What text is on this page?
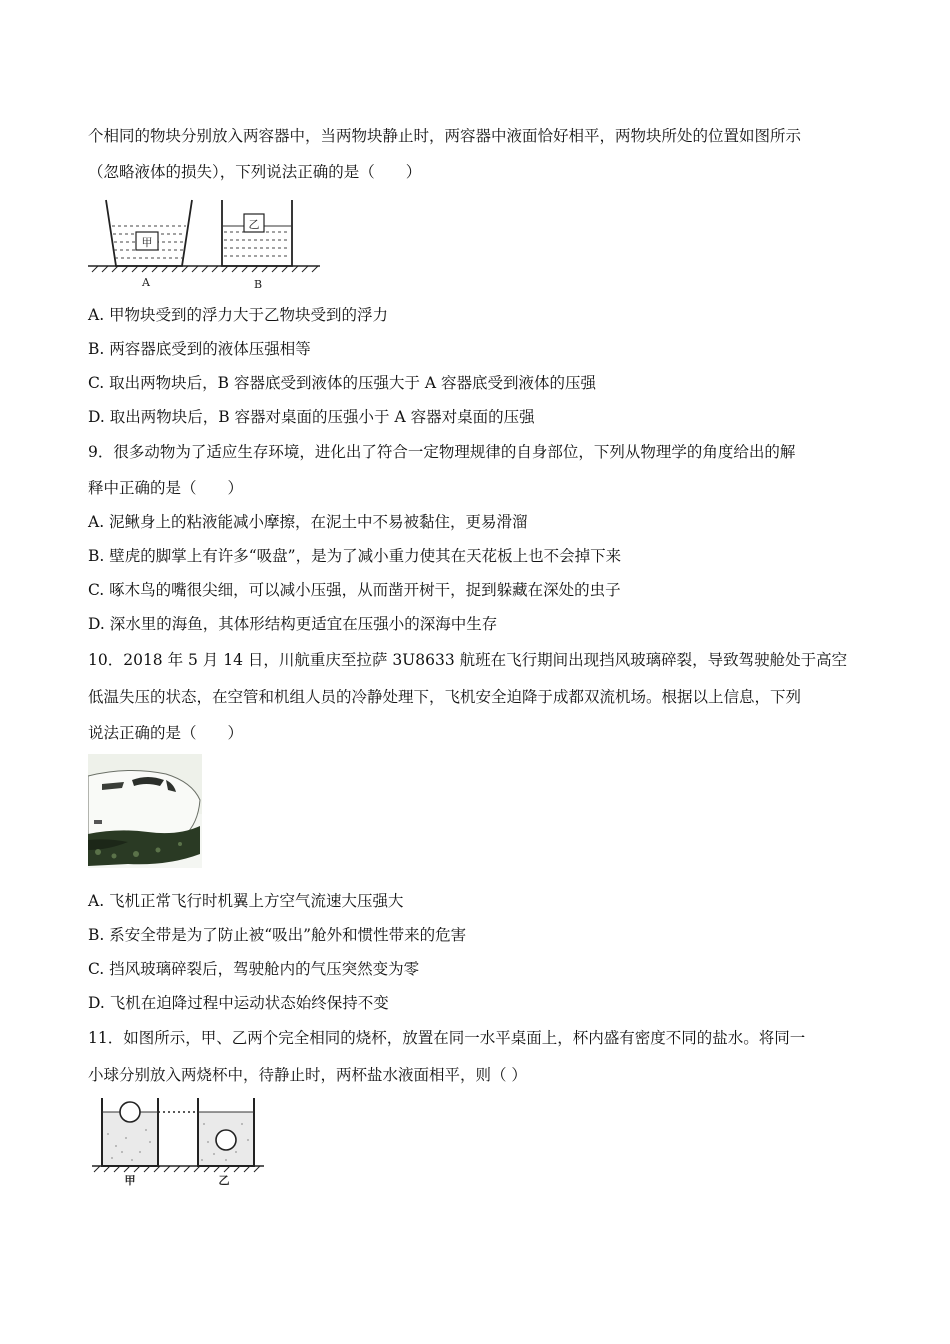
个相同的物块分别放入两容器中，当两物块静止时，两容器中液面恰好相平，两物块所处的位置如图所示
（忽略液体的损失），下列说法正确的是（　　）
甲
乙
A	B
A. 甲物块受到的浮力大于乙物块受到的浮力
B. 两容器底受到的液体压强相等
C. 取出两物块后，B 容器底受到液体的压强大于 A 容器底受到液体的压强
D. 取出两物块后，B 容器对桌面的压强小于 A 容器对桌面的压强
9．很多动物为了适应生存环境，进化出了符合一定物理规律的自身部位，下列从物理学的角度给出的解
释中正确的是（　　）
A. 泥鳅身上的粘液能减小摩擦，在泥土中不易被黏住，更易滑溜
B. 壁虎的脚掌上有许多“吸盘”，是为了减小重力使其在天花板上也不会掉下来
C. 啄木鸟的嘴很尖细，可以减小压强，从而凿开树干，捉到躲藏在深处的虫子
D. 深水里的海鱼，其体形结构更适宜在压强小的深海中生存
10．2018 年 5 月 14 日，川航重庆至拉萨 3U8633 航班在飞行期间出现挡风玻璃碎裂，导致驾驶舱处于高空
低温失压的状态，在空管和机组人员的冷静处理下，飞机安全迫降于成都双流机场。根据以上信息，下列
说法正确的是（　　）
A. 飞机正常飞行时机翼上方空气流速大压强大
B. 系安全带是为了防止被“吸出”舱外和惯性带来的危害
C. 挡风玻璃碎裂后，驾驶舱内的气压突然变为零
D. 飞机在迫降过程中运动状态始终保持不变
11．如图所示，甲、乙两个完全相同的烧杯，放置在同一水平桌面上，杯内盛有密度不同的盐水。将同一
小球分别放入两烧杯中，待静止时，两杯盐水液面相平，则（ ）
甲	乙
